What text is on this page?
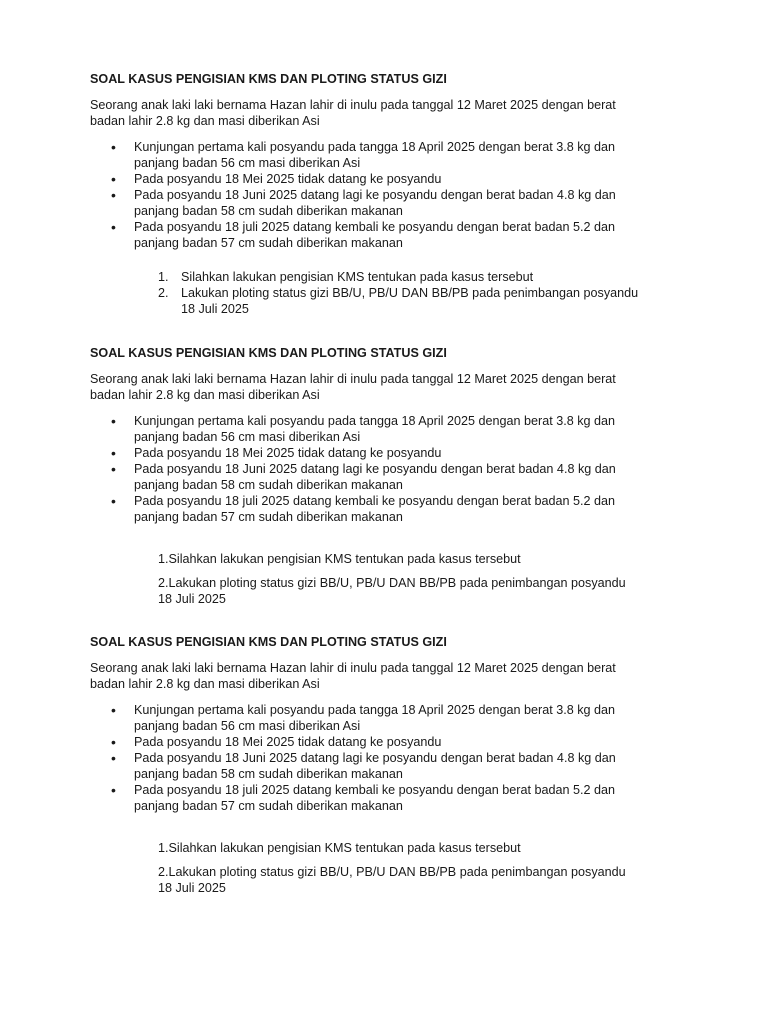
SOAL KASUS PENGISIAN KMS DAN PLOTING STATUS GIZI
Seorang anak laki laki bernama Hazan lahir di inulu pada tanggal 12 Maret 2025 dengan berat
badan lahir 2.8 kg dan masi diberikan Asi
• Kunjungan pertama kali posyandu pada tangga 18 April 2025 dengan berat 3.8 kg dan
panjang badan 56 cm masi diberikan Asi
• Pada posyandu 18 Mei 2025 tidak datang ke posyandu
• Pada posyandu 18 Juni 2025 datang lagi ke posyandu dengan berat badan 4.8 kg dan
panjang badan 58 cm sudah diberikan makanan
• Pada posyandu 18 juli 2025 datang kembali ke posyandu dengan berat badan 5.2 dan
panjang badan 57 cm sudah diberikan makanan
1. Silahkan lakukan pengisian KMS tentukan pada kasus tersebut
2. Lakukan ploting status gizi BB/U, PB/U DAN BB/PB pada penimbangan posyandu
18 Juli 2025
SOAL KASUS PENGISIAN KMS DAN PLOTING STATUS GIZI
Seorang anak laki laki bernama Hazan lahir di inulu pada tanggal 12 Maret 2025 dengan berat
badan lahir 2.8 kg dan masi diberikan Asi
• Kunjungan pertama kali posyandu pada tangga 18 April 2025 dengan berat 3.8 kg dan
panjang badan 56 cm masi diberikan Asi
• Pada posyandu 18 Mei 2025 tidak datang ke posyandu
• Pada posyandu 18 Juni 2025 datang lagi ke posyandu dengan berat badan 4.8 kg dan
panjang badan 58 cm sudah diberikan makanan
• Pada posyandu 18 juli 2025 datang kembali ke posyandu dengan berat badan 5.2 dan
panjang badan 57 cm sudah diberikan makanan

1.Silahkan lakukan pengisian KMS tentukan pada kasus tersebut

2.Lakukan ploting status gizi BB/U, PB/U DAN BB/PB pada penimbangan posyandu
18 Juli 2025

SOAL KASUS PENGISIAN KMS DAN PLOTING STATUS GIZI
Seorang anak laki laki bernama Hazan lahir di inulu pada tanggal 12 Maret 2025 dengan berat
badan lahir 2.8 kg dan masi diberikan Asi
• Kunjungan pertama kali posyandu pada tangga 18 April 2025 dengan berat 3.8 kg dan
panjang badan 56 cm masi diberikan Asi
• Pada posyandu 18 Mei 2025 tidak datang ke posyandu
• Pada posyandu 18 Juni 2025 datang lagi ke posyandu dengan berat badan 4.8 kg dan
panjang badan 58 cm sudah diberikan makanan
• Pada posyandu 18 juli 2025 datang kembali ke posyandu dengan berat badan 5.2 dan
panjang badan 57 cm sudah diberikan makanan

1.Silahkan lakukan pengisian KMS tentukan pada kasus tersebut

2.Lakukan ploting status gizi BB/U, PB/U DAN BB/PB pada penimbangan posyandu
18 Juli 2025
